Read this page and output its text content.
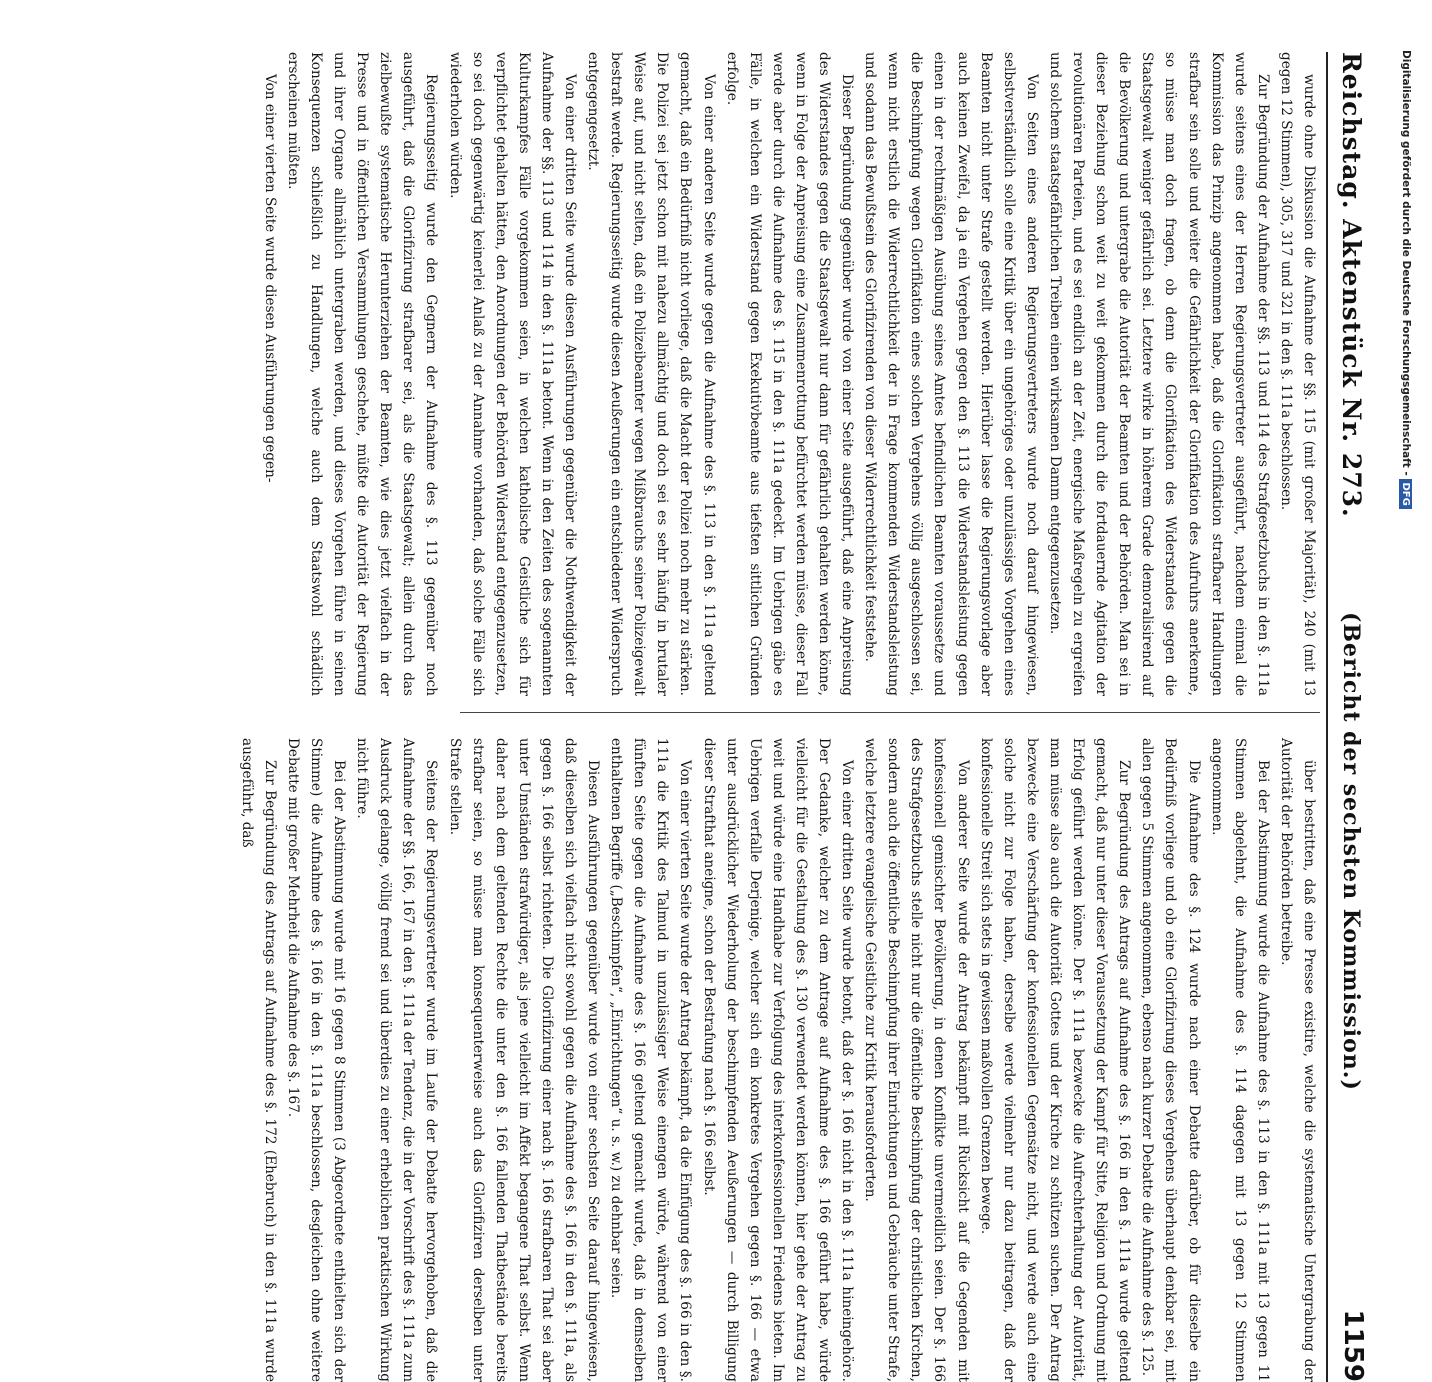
Reichstag. Aktenstück Nr. 273.
(Bericht der sechsten Kommission.)
1159

wurde ohne Diskussion die Aufnahme der §§. 115 (mit großer Majorität), 240 (mit 13 gegen 12 Stimmen), 305, 317 und 321 in den §. 111a beschlossen.

Zur Begründung der Aufnahme der §§. 113 und 114 des Strafgesetzbuchs in den §. 111a wurde seitens eines der Herren Regierungsvertreter ausgeführt, nachdem einmal die Kommission das Prinzip angenommen habe, daß die Glorifikation strafbarer Handlungen strafbar sein solle und weiter die Gefährlichkeit der Glorifikation des Aufruhrs anerkenne, so müsse man doch fragen, ob denn die Glorifikation des Widerstandes gegen die Staatsgewalt weniger gefährlich sei. Letztere wirke in höherem Grade demoralisirend auf die Bevölkerung und untergrabe die Autorität der Beamten und der Behörden. Man sei in dieser Beziehung schon weit zu weit gekommen durch die fortdauernde Agitation der revolutionären Parteien, und es sei endlich an der Zeit, energische Maßregeln zu ergreifen und solchem staatsgefährlichen Treiben einen wirksamen Damm entgegenzusetzen.

Von Seiten eines anderen Regierungsvertreters wurde noch darauf hingewiesen, selbstverständlich solle eine Kritik über ein ungehöriges oder unzulässiges Vorgehen eines Beamten nicht unter Strafe gestellt werden. Hierüber lasse die Regierungsvorlage aber auch keinen Zweifel, da ja ein Vergehen gegen den §. 113 die Widerstandsleistung gegen einen in der rechtmäßigen Ausübung seines Amtes befindlichen Beamten voraussetze und die Beschimpfung wegen Glorifikation eines solchen Vergehens völlig ausgeschlossen sei, wenn nicht erstlich die Widerrechtlichkeit der in Frage kommenden Widerstandsleistung und sodann das Bewußtsein des Glorifizirenden von dieser Widerrechtlichkeit feststehe.

Dieser Begründung gegenüber wurde von einer Seite ausgeführt, daß eine Anpreisung des Widerstandes gegen die Staatsgewalt nur dann für gefährlich gehalten werden könne, wenn in Folge der Anpreisung eine Zusammenrottung befürchtet werden müsse, dieser Fall werde aber durch die Aufnahme des §. 115 in den §. 111a gedeckt. Im Uebrigen gäbe es Fälle, in welchen ein Widerstand gegen Exekutivbeamte aus tiefsten sittlichen Gründen erfolge.

Von einer anderen Seite wurde gegen die Aufnahme des §. 113 in den §. 111a geltend gemacht, daß ein Bedürfniß nicht vorliege, daß die Macht der Polizei noch mehr zu stärken. Die Polizei sei jetzt schon mit nahezu allmächtig und doch sei es sehr häufig in brutaler Weise auf, und nicht selten, daß ein Polizeibeamter wegen Mißbrauchs seiner Polizeigewalt bestraft werde. Regierungsseitig wurde diesen Aeußerungen ein entschiedener Widerspruch entgegengesetzt.

Von einer dritten Seite wurde diesen Ausführungen gegenüber die Nothwendigkeit der Aufnahme der §§. 113 und 114 in den §. 111a betont. Wenn in den Zeiten des sogenannten Kulturkampfes Fälle vorgekommen seien, in welchen katholische Geistliche sich für verpflichtet gehalten hätten, den Anordnungen der Behörden Widerstand entgegenzusetzen, so sei doch gegenwärtig keinerlei Anlaß zu der Annahme vorhanden, daß solche Fälle sich wiederholen würden.

Regierungsseitig wurde den Gegnern der Aufnahme des §. 113 gegenüber noch ausgeführt, daß die Glorifizirung strafbarer sei, als die Staatsgewalt; allein durch das zielbewußte systematische Herunterziehen der Beamten, wie dies jetzt vielfach in der Presse und in öffentlichen Versammlungen geschehe, müßte die Autorität der Regierung und ihrer Organe allmählich untergraben werden, und dieses Vorgehen führe in seinen Konsequenzen schließlich zu Handlungen, welche auch dem Staatswohl schädlich erscheinen müßten.

Von einer vierten Seite wurde diesen Ausführungen gegen-

über bestritten, daß eine Presse existire, welche die systematische Untergrabung der Autorität der Behörden betreibe.

Bei der Abstimmung wurde die Aufnahme des §. 113 in den §. 111a mit 13 gegen 11 Stimmen abgelehnt, die Aufnahme des §. 114 dagegen mit 13 gegen 12 Stimmen angenommen.

Die Aufnahme des §. 124 wurde nach einer Debatte darüber, ob für dieselbe ein Bedürfniß vorliege und ob eine Glorifizirung dieses Vergehens überhaupt denkbar sei, mit allen gegen 5 Stimmen angenommen, ebenso nach kurzer Debatte die Aufnahme des §. 125.

Zur Begründung des Antrags auf Aufnahme des §. 166 in den §. 111a wurde geltend gemacht, daß nur unter dieser Voraussetzung der Kampf für Sitte, Religion und Ordnung mit Erfolg geführt werden könne. Der §. 111a bezwecke die Aufrechterhaltung der Autorität, man müsse also auch die Autorität Gottes und der Kirche zu schützen suchen. Der Antrag bezwecke eine Verschärfung der konfessionellen Gegensätze nicht, und werde auch eine solche nicht zur Folge haben, derselbe werde vielmehr nur dazu beitragen, daß der konfessionelle Streit sich stets in gewissen maßvollen Grenzen bewege.

Von anderer Seite wurde der Antrag bekämpft mit Rücksicht auf die Gegenden mit konfessionell gemischter Bevölkerung, in denen Konflikte unvermeidlich seien. Der §. 166 des Strafgesetzbuchs stelle nicht nur die öffentliche Beschimpfung der christlichen Kirchen, sondern auch die öffentliche Beschimpfung ihrer Einrichtungen und Gebräuche unter Strafe, welche letztere evangelische Geistliche zur Kritik herausforderten.

Von einer dritten Seite wurde betont, daß der §. 166 nicht in den §. 111a hineingehöre. Der Gedanke, welcher zu dem Antrage auf Aufnahme des §. 166 geführt habe, würde vielleicht für die Gestaltung des §. 130 verwendet werden können, hier gehe der Antrag zu weit und würde eine Handhabe zur Verfolgung des interkonfessionellen Friedens bieten. Im Uebrigen verfalle Derjenige, welcher sich ein konkretes Vergehen gegen §. 166 — etwa unter ausdrücklicher Wiederholung der beschimpfenden Aeußerungen — durch Billigung dieser Strafthat aneigne, schon der Bestrafung nach §. 166 selbst.

Von einer vierten Seite wurde der Antrag bekämpft, da die Einfügung des §. 166 in den §. 111a die Kritik des Talmud in unzulässiger Weise einengen würde, während von einer fünften Seite gegen die Aufnahme des §. 166 geltend gemacht wurde, daß in demselben enthaltenen Begriffe („Beschimpfen“, „Einrichtungen“ u. s. w.) zu dehnbar seien.

Diesen Ausführungen gegenüber wurde von einer sechsten Seite darauf hingewiesen, daß dieselben sich vielfach nicht sowohl gegen die Aufnahme des §. 166 in den §. 111a, als gegen §. 166 selbst richteten. Die Glorifizirung einer nach §. 166 strafbaren That sei aber unter Umständen strafwürdiger, als jene vielleicht im Affekt begangene That selbst. Wenn daher nach dem geltenden Rechte die unter den §. 166 fallenden Thatbestände bereits strafbar seien, so müsse man konsequenterweise auch das Glorifiziren derselben unter Strafe stellen.

Seitens der Regierungsvertreter wurde im Laufe der Debatte hervorgehoben, daß die Aufnahme der §§. 166, 167 in den §. 111a der Tendenz, die in der Vorschrift des §. 111a zum Ausdruck gelange, völlig fremd sei und überdies zu einer erheblichen praktischen Wirkung nicht führe.

Bei der Abstimmung wurde mit 16 gegen 8 Stimmen (3 Abgeordnete enthielten sich der Stimme) die Aufnahme des §. 166 in den §. 111a beschlossen, desgleichen ohne weitere Debatte mit großer Mehrheit die Aufnahme des §. 167.

Zur Begründung des Antrags auf Aufnahme des §. 172 (Ehebruch) in den §. 111a wurde ausgeführt, daß

Digitalisierung gefördert durch die Deutsche Forschungsgemeinschaft - DFG
